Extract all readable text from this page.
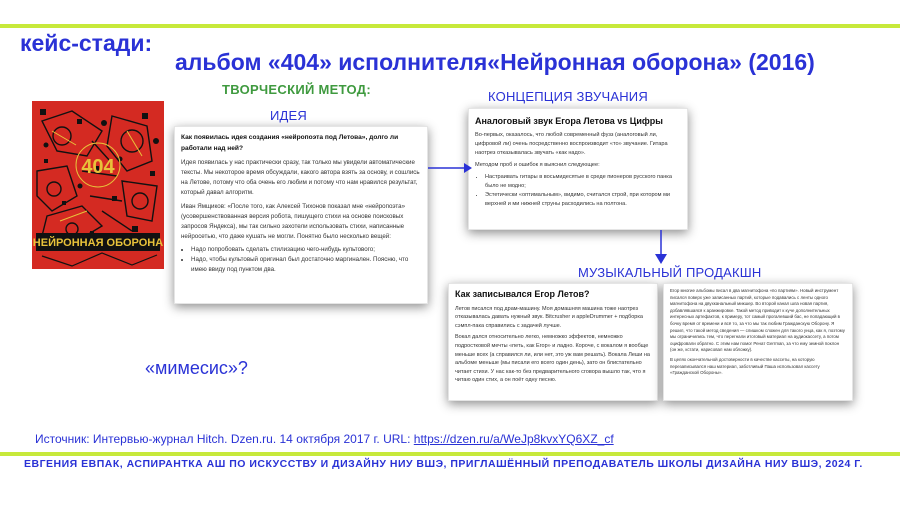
кейс-стади:
альбом «404» исполнителя«Нейронная оборона» (2016)
ТВОРЧЕСКИЙ МЕТОД:
ИДЕЯ
КОНЦЕПЦИЯ ЗВУЧАНИЯ
МУЗЫКАЛЬНЫЙ ПРОДАКШН
404
НЕЙРОННАЯ ОБОРОНА

Как появилась идея создания «нейропоэта под Летова», долго ли работали над ней?

Идея появилась у нас практически сразу, так только мы увидели автоматические тексты. Мы некоторое время обсуждали, какого автора взять за основу, и сошлись на Летове, потому что оба очень его любим и потому что нам нравился результат, который давал алгоритм.

Иван Ямщиков: «После того, как Алексей Тихонов показал мне «нейропоэта» (усовершенствованная версия робота, пишущего стихи на основе поисковых запросов Яндекса), мы так сильно захотели использовать стихи, написанные нейросетью, что даже кушать не могли. Понятно было несколько вещей:

• Надо попробовать сделать стилизацию чего-нибудь культового;
• Надо, чтобы культовый оригинал был достаточно маргинален. Поясню, что имею ввиду под пунктом два.

Аналоговый звук Егора Летова vs Цифры

Во-первых, оказалось, что любой современный фузз (аналоговый ли, цифровой ли) очень посредственно воспроизводит «то» звучание. Гитара наотрез отказывалась звучать «как надо».

Методом проб и ошибок я выяснил следующее:

• Настраивать гитары в восьмидесятые в среде пионеров русского панка было не модно;
• Эстетически «оптимальным», видимо, считался строй, при котором ми верхней и ми нижней струны расходились на полтона.

Как записывался Егор Летов?

Летов писался под драм-машину. Моя домашняя машина тоже наотрез отказывалась давать нужный звук. Bitcrusher и appleDrummer + подборка сэмпл-пака справились с задачей лучше.

Вокал дался относительно легко, немножко эффектов, немножко подростковой мечты «петь, как Егор» и ладно. Короче, с вокалом я вообще меньше всех (а справился ли, или нет, это уж вам решать). Вокала Леши на альбоме меньше (мы писали его всего один день), зато он блистательно читает стихи. У нас как-то без предварительного сговора вышло так, что я читаю один стих, а он поёт одну песню.

Егор многие альбомы писал в два магнитофона «по партиям». Новый инструмент писался поверх уже записанных партий, которые подавались с ленты одного магнитофона на двухканальный микшер. Во второй канал шла новая партия, добавлявшаяся к аранжировке. Такой метод приводит к куче дополнительных интересных артефактов, к примеру, тот самый прогалевший бас, не попадающий в бочку время от времени и всё то, за что мы так любим Гражданскую Оборону. Я решил, что такой метод сведения — слишком сложен для такого унца, как я, поэтому мы ограничились тем, что перегнали итоговый материал на аудиокассету, а потом оцифровали обратно. С этим нам помог Ренат Gerrman, за что ему земной поклон (он же, кстати, нарисовал нам обложку).

В целях окончательной достоверности в качестве кассеты, на которую перезаписывался наш материал, заботливый Паша использовал кассету «Гражданской Обороны».

«мимесис»?
Источник: Интервью-журнал Hitch. Dzen.ru. 14 октября 2017 г. URL: https://dzen.ru/a/WeJp8kvxYQ6XZ_cf
ЕВГЕНИЯ ЕВПАК, АСПИРАНТКА АШ ПО ИСКУССТВУ И ДИЗАЙНУ НИУ ВШЭ, ПРИГЛАШЁННЫЙ ПРЕПОДАВАТЕЛЬ ШКОЛЫ ДИЗАЙНА НИУ ВШЭ, 2024 Г.
